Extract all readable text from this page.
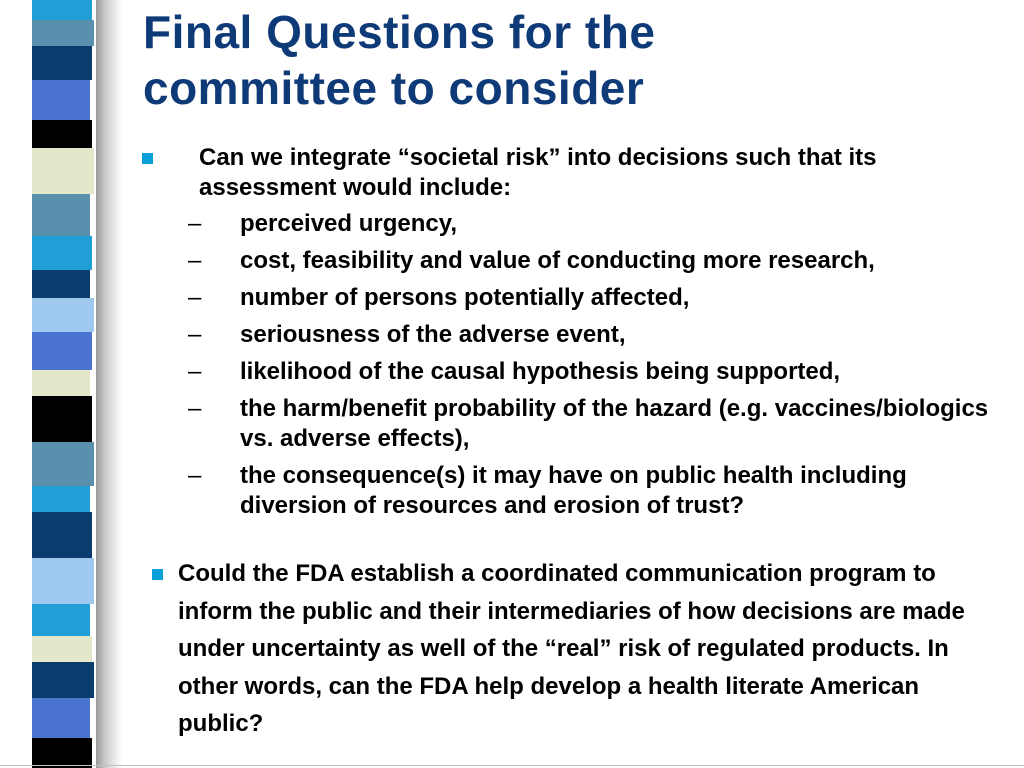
Final Questions for the
committee to consider
Can we integrate “societal risk” into decisions such that its assessment would include:
– perceived urgency,
– cost, feasibility and value of conducting more research,
– number of persons potentially affected,
– seriousness of the adverse event,
– likelihood of the causal hypothesis being supported,
– the harm/benefit probability of the hazard (e.g. vaccines/biologics vs. adverse effects),
– the consequence(s) it may have on public health including diversion of resources and erosion of trust?
Could the FDA establish a coordinated communication program to inform the public and their intermediaries of how decisions are made under uncertainty as well of the “real” risk of regulated products. In other words, can the FDA help develop a health literate American public?
